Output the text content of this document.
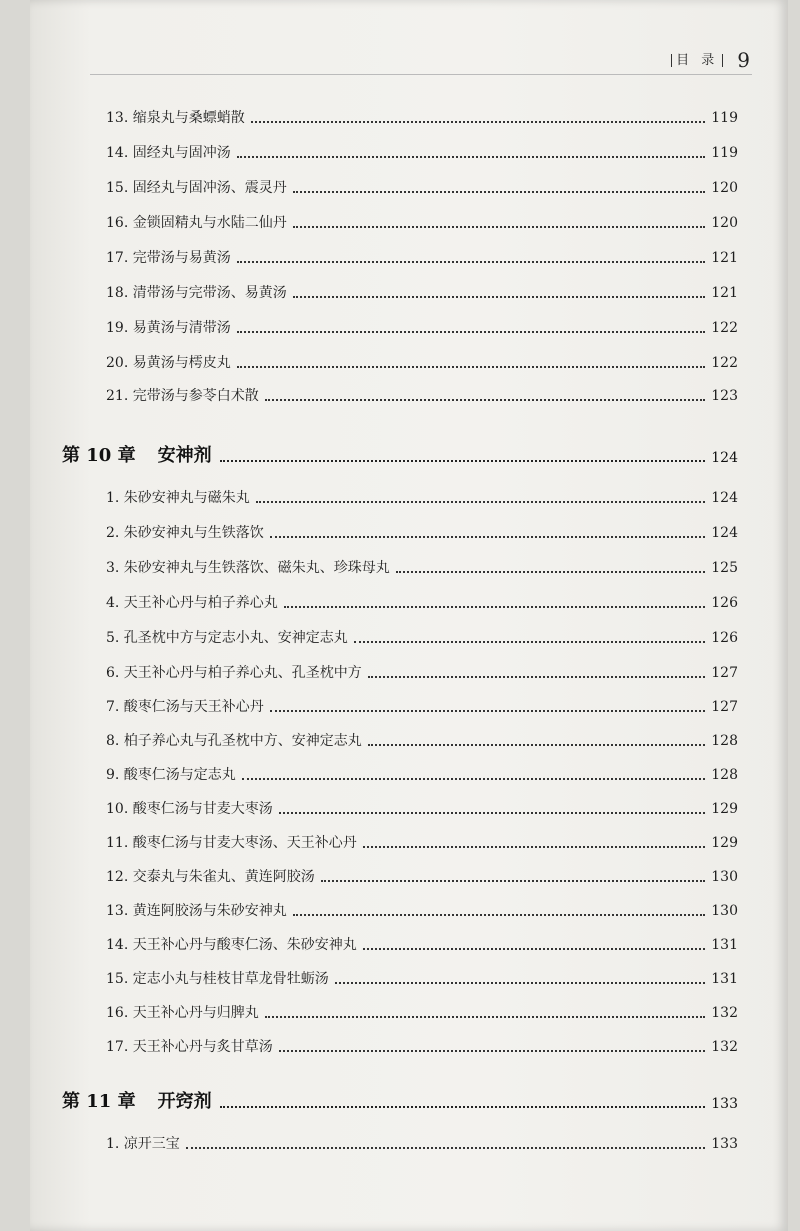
目 录 9
13. 缩泉丸与桑螵蛸散	119
14. 固经丸与固冲汤	119
15. 固经丸与固冲汤、震灵丹	120
16. 金锁固精丸与水陆二仙丹	120
17. 完带汤与易黄汤	121
18. 清带汤与完带汤、易黄汤	121
19. 易黄汤与清带汤	122
20. 易黄汤与樗皮丸	122
21. 完带汤与参苓白术散	123
第 10 章 安神剂	124
1. 朱砂安神丸与磁朱丸	124
2. 朱砂安神丸与生铁落饮	124
3. 朱砂安神丸与生铁落饮、磁朱丸、珍珠母丸	125
4. 天王补心丹与柏子养心丸	126
5. 孔圣枕中方与定志小丸、安神定志丸	126
6. 天王补心丹与柏子养心丸、孔圣枕中方	127
7. 酸枣仁汤与天王补心丹	127
8. 柏子养心丸与孔圣枕中方、安神定志丸	128
9. 酸枣仁汤与定志丸	128
10. 酸枣仁汤与甘麦大枣汤	129
11. 酸枣仁汤与甘麦大枣汤、天王补心丹	129
12. 交泰丸与朱雀丸、黄连阿胶汤	130
13. 黄连阿胶汤与朱砂安神丸	130
14. 天王补心丹与酸枣仁汤、朱砂安神丸	131
15. 定志小丸与桂枝甘草龙骨牡蛎汤	131
16. 天王补心丹与归脾丸	132
17. 天王补心丹与炙甘草汤	132
第 11 章 开窍剂	133
1. 凉开三宝	133
